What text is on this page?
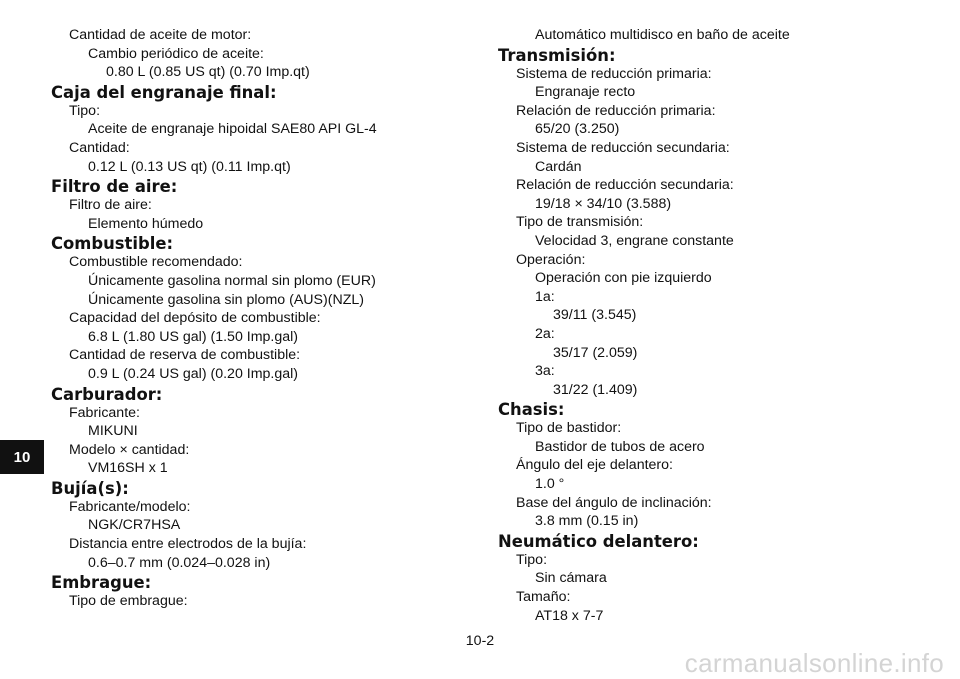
Cantidad de aceite de motor:
Cambio periódico de aceite:
0.80 L (0.85 US qt) (0.70 Imp.qt)
Caja del engranaje final:
Tipo:
Aceite de engranaje hipoidal SAE80 API GL-4
Cantidad:
0.12 L (0.13 US qt) (0.11 Imp.qt)
Filtro de aire:
Filtro de aire:
Elemento húmedo
Combustible:
Combustible recomendado:
Únicamente gasolina normal sin plomo (EUR)
Únicamente gasolina sin plomo (AUS)(NZL)
Capacidad del depósito de combustible:
6.8 L (1.80 US gal) (1.50 Imp.gal)
Cantidad de reserva de combustible:
0.9 L (0.24 US gal) (0.20 Imp.gal)
Carburador:
Fabricante:
MIKUNI
Modelo × cantidad:
VM16SH x 1
Bujía(s):
Fabricante/modelo:
NGK/CR7HSA
Distancia entre electrodos de la bujía:
0.6–0.7 mm (0.024–0.028 in)
Embrague:
Tipo de embrague:
Automático multidisco en baño de aceite
Transmisión:
Sistema de reducción primaria:
Engranaje recto
Relación de reducción primaria:
65/20 (3.250)
Sistema de reducción secundaria:
Cardán
Relación de reducción secundaria:
19/18 × 34/10 (3.588)
Tipo de transmisión:
Velocidad 3, engrane constante
Operación:
Operación con pie izquierdo
1a:
39/11 (3.545)
2a:
35/17 (2.059)
3a:
31/22 (1.409)
Chasis:
Tipo de bastidor:
Bastidor de tubos de acero
Ángulo del eje delantero:
1.0 °
Base del ángulo de inclinación:
3.8 mm (0.15 in)
Neumático delantero:
Tipo:
Sin cámara
Tamaño:
AT18 x 7-7
10
10-2
carmanualsonline.info
